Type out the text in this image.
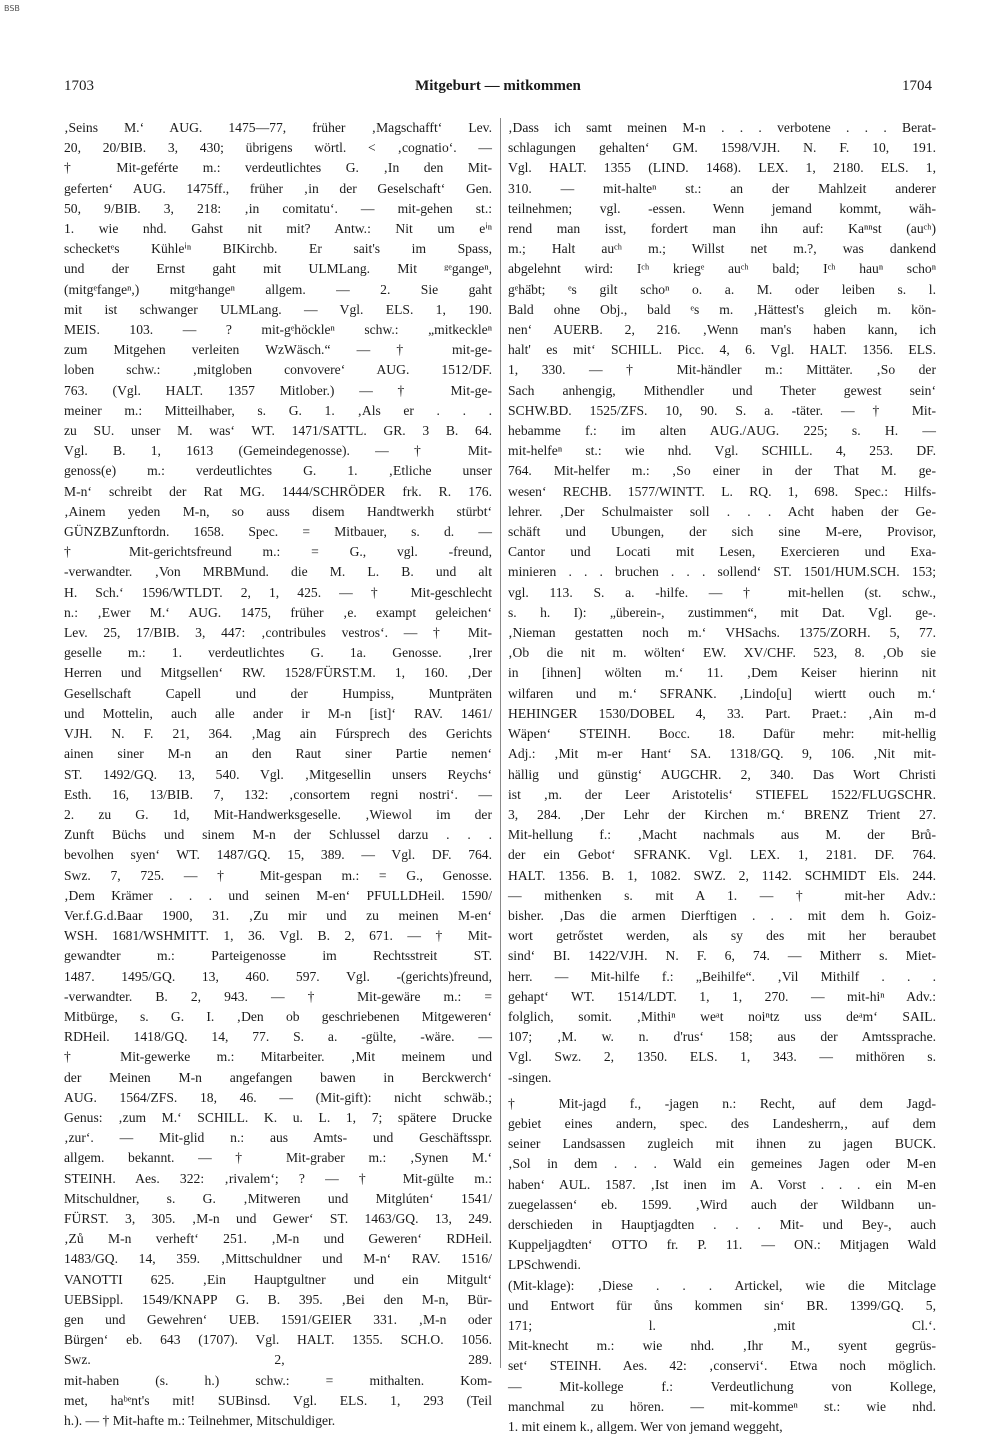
BSB
1703	Mitgeburt — mitkommen	1704
‚Seins M.‘ AUG. 1475—77, früher ‚Magschafft‘ Lev.
20, 20/BIB. 3, 430; übrigens wörtl. < ‚cognatio‘. —
† Mit-geférte m.: verdeutlichtes G. ‚In den Mit-
geferten‘ AUG. 1475ff., früher ‚in der Geselschaft‘ Gen.
50, 9/BIB. 3, 218: ‚in comitatu‘. — mit-gehen st.:
1. wie nhd. Gahst nit mit? Antw.: Nit um eⁱⁿ
schecketᵉs Kühleⁱⁿ BIKirchb. Er sait's im Spass,
und der Ernst gaht mit ULMLang. Mit ᵍᵉgangeⁿ,
(mitgᵉfangeⁿ,) mitgᵉhangeⁿ allgem. — 2. Sie gaht
mit ist schwanger ULMLang. — Vgl. ELS. 1, 190.
MEIS. 103. — ? mit-gᵉhöckleⁿ schw.: „mitkeckleⁿ
zum Mitgehen verleiten WzWäsch.“ — † mit-ge-
loben schw.: ‚mitgloben convovere‘ AUG. 1512/DF.
763. (Vgl. HALT. 1357 Mitlober.) — † Mit-ge-
meiner m.: Mitteilhaber, s. G. 1. ‚Als er . . .
zu SU. unser M. was‘ WT. 1471/SATTL. GR. 3 B. 64.
Vgl. B. 1, 1613 (Gemeindegenosse). — † Mit-
genoss(e) m.: verdeutlichtes G. 1. ‚Etliche unser
M-n‘ schreibt der Rat MG. 1444/SCHRÖDER frk. R. 176.
‚Ainem yeden M-n, so auss disem Handtwerkh stürbt‘
GÜNZBZunftordn. 1658. Spec. = Mitbauer, s. d. —
† Mit-gerichtsfreund m.: = G., vgl. -freund,
-verwandter. ‚Von MRBMund. die M. L. B. und alt
H. Sch.‘ 1596/WTLDT. 2, 1, 425. — † Mit-geschlecht
n.: ‚Ewer M.‘ AUG. 1475, früher ‚e. exampt geleichen‘
Lev. 25, 17/BIB. 3, 447: ‚contribules vestros‘. — † Mit-
geselle m.: 1. verdeutlichtes G. 1a. Genosse. ‚Irer
Herren und Mitgsellen‘ RW. 1528/FÜRST.M. 1, 160. ‚Der
Gesellschaft Capell und der Humpiss, Muntpräten
und Mottelin, auch alle ander ir M-n [ist]‘ RAV. 1461/
VJH. N. F. 21, 364. ‚Mag ain Fúrsprech des Gerichts
ainen siner M-n an den Raut siner Partie nemen‘
ST. 1492/GQ. 13, 540. Vgl. ‚Mitgesellin unsers Reychs‘
Esth. 16, 13/BIB. 7, 132: ‚consortem regni nostri‘. —
2. zu G. 1d, Mit-Handwerksgeselle. ‚Wiewol im der
Zunft Büchs und sinem M-n der Schlussel darzu . . .
bevolhen syen‘ WT. 1487/GQ. 15, 389. — Vgl. DF. 764.
Swz. 7, 725. — † Mit-gespan m.: = G., Genosse.
‚Dem Krämer . . . und seinen M-en‘ PFULLDHeil. 1590/
Ver.f.G.d.Baar 1900, 31. ‚Zu mir und zu meinen M-en‘
WSH. 1681/WSHMITT. 1, 36. Vgl. B. 2, 671. — † Mit-
gewandter m.: Parteigenosse im Rechtsstreit ST.
1487. 1495/GQ. 13, 460. 597. Vgl. -(gerichts)freund,
-verwandter. B. 2, 943. — † Mit-gewäre m.: =
Mitbürge, s. G. I. ‚Den ob geschriebenen Mitgeweren‘
RDHeil. 1418/GQ. 14, 77. S. a. -gülte, -wäre. —
† Mit-gewerke m.: Mitarbeiter. ‚Mit meinem und
der Meinen M-n angefangen bawen in Berckwerch‘
AUG. 1564/ZFS. 18, 46. — (Mit-gift): nicht schwäb.;
Genus: ‚zum M.‘ SCHILL. K. u. L. 1, 7; spätere Drucke
‚zur‘. — Mit-glid n.: aus Amts- und Geschäftsspr.
allgem. bekannt. — † Mit-graber m.: ‚Synen M.‘
STEINH. Aes. 322: ‚rivalem‘; ? — † Mit-gülte m.:
Mitschuldner, s. G. ‚Mitweren und Mitglúten‘ 1541/
FÜRST. 3, 305. ‚M-n und Gewer‘ ST. 1463/GQ. 13, 249.
‚Zů M-n verheft‘ 251. ‚M-n und Geweren‘ RDHeil.
1483/GQ. 14, 359. ‚Mittschuldner und M-n‘ RAV. 1516/
VANOTTI 625. ‚Ein Hauptgultner und ein Mitgult‘
UEBSippl. 1549/KNAPP G. B. 395. ‚Bei den M-n, Bür-
gen und Gewehren‘ UEB. 1591/GEIER 331. ‚M-n oder
Bürgen‘ eb. 643 (1707). Vgl. HALT. 1355. SCH.O. 1056.
Swz. 2, 289.
mit-haben (s. h.) schw.: = mithalten. Kom-
met, haᵇᵉnt's mit! SUBinsd. Vgl. ELS. 1, 293 (Teil
h.). — † Mit-hafte m.: Teilnehmer, Mitschuldiger.
‚Dass ich samt meinen M-n . . . verbotene . . . Berat-
schlagungen gehalten‘ GM. 1598/VJH. N. F. 10, 191.
Vgl. HALT. 1355 (LIND. 1468). LEX. 1, 2180. ELS. 1,
310. — mit-halteⁿ st.: an der Mahlzeit anderer
teilnehmen; vgl. -essen. Wenn jemand kommt, wäh-
rend man isst, fordert man ihn auf: Kaⁿⁿst (auᶜʰ)
m.; Halt auᶜʰ m.; Willst net m.?, was dankend
abgelehnt wird: Iᶜʰ kriegᵉ auᶜʰ bald; Iᶜʰ hauⁿ schoⁿ
gᵉhä̈bt; ᵉs gilt schoⁿ o. a. M. oder leiben s. l.
Bald ohne Obj., bald ᵉs m. ‚Hättest's gleich m. kön-
nen‘ AUERB. 2, 216. ‚Wenn man's haben kann, ich
halt' es mit‘ SCHILL. Picc. 4, 6. Vgl. HALT. 1356. ELS.
1, 330. — † Mit-händler m.: Mittäter. ‚So der
Sach anhengig, Mithendler und Theter gewest sein‘
SCHW.BD. 1525/ZFS. 10, 90. S. a. -täter. — † Mit-
hebamme f.: im alten AUG./AUG. 225; s. H. —
mit-helfeⁿ st.: wie nhd. Vgl. SCHILL. 4, 253. DF.
764. Mit-helfer m.: ‚So einer in der That M. ge-
wesen‘ RECHB. 1577/WINTT. L. RQ. 1, 698. Spec.: Hilfs-
lehrer. ‚Der Schulmaister soll . . . Acht haben der Ge-
schäft und Ubungen, der sich sine M-ere, Provisor,
Cantor und Locati mit Lesen, Exercieren und Exa-
minieren . . . bruchen . . . sollend‘ ST. 1501/HUM.SCH. 153;
vgl. 113. S. a. -hilfe. — † mit-hellen (st. schw.,
s. h. I): „überein-, zustimmen“, mit Dat. Vgl. ge-.
‚Nieman gestatten noch m.‘ VHSachs. 1375/ZORH. 5, 77.
‚Ob die nit m. wölten‘ EW. XV/CHF. 523, 8. ‚Ob sie
in [ihnen] wölten m.‘ 11. ‚Dem Keiser hierinn nit
wilfaren und m.‘ SFRANK. ‚Lindo[u] wiertt ouch m.‘
HEHINGER 1530/DOBEL 4, 33. Part. Praet.: ‚Ain m-d
Wäpen‘ STEINH. Bocc. 18. Dafür mehr: mit-hellig
Adj.: ‚Mit m-er Hant‘ SA. 1318/GQ. 9, 106. ‚Nit mit-
hällig und günstig‘ AUGCHR. 2, 340. Das Wort Christi
ist ‚m. der Leer Aristotelis‘ STIEFEL 1522/FLUGSCHR.
3, 284. ‚Der Lehr der Kirchen m.‘ BRENZ Trient 27.
Mit-hellung f.: ‚Macht nachmals aus M. der Brů-
der ein Gebot‘ SFRANK. Vgl. LEX. 1, 2181. DF. 764.
HALT. 1356. B. 1, 1082. SWZ. 2, 1142. SCHMIDT Els. 244.
— mithenken s. mit A 1. — † mit-her Adv.:
bisher. ‚Das die armen Dierftigen . . . mit dem h. Goiz-
wort getrőstet werden, als sy des mit her beraubet
sind‘ BI. 1422/VJH. N. F. 6, 74. — Mitherr s. Miet-
herr. — Mit-hilfe f.: „Beihilfe“. ‚Vil Mithilf . . .
gehapt‘ WT. 1514/LDT. 1, 1, 270. — mit-hiⁿ Adv.:
folglich, somit. ‚Mithiⁿ weᵃt noiⁿtz uss deᵃm‘ SAIL.
107; ‚M. w. n. d'rus‘ 158; aus der Amtssprache.
Vgl. Swz. 2, 1350. ELS. 1, 343. — mithören s.
-singen.
† Mit-jagd f., -jagen n.: Recht, auf dem Jagd-
gebiet eines andern, spec. des Landesherrn,‚ auf dem
seiner Landsassen zugleich mit ihnen zu jagen BUCK.
‚Sol in dem . . . Wald ein gemeines Jagen oder M-en
haben‘ AUL. 1587. ‚Ist inen im A. Vorst . . . ein M-en
zuegelassen‘ eb. 1599. ‚Wird auch der Wildbann un-
derschieden in Hauptjagdten . . . Mit- und Bey-, auch
Kuppeljagdten‘ OTTO fr. P. 11. — ON.: Mitjagen Wald
LPSchwendi.
(Mit-klage): ‚Diese . . . Artickel, wie die Mitclage
und Entwort für ůns kommen sin‘ BR. 1399/GQ. 5,
171; l. ‚mit Cl.‘.
Mit-knecht m.: wie nhd. ‚Ihr M., syent gegrüs-
set‘ STEINH. Aes. 42: ‚conservi‘. Etwa noch möglich.
— Mit-kollege f.: Verdeutlichung von Kollege,
manchmal zu hören. — mit-kommeⁿ st.: wie nhd.
1. mit einem k., allgem. Wer von jemand weggeht,
